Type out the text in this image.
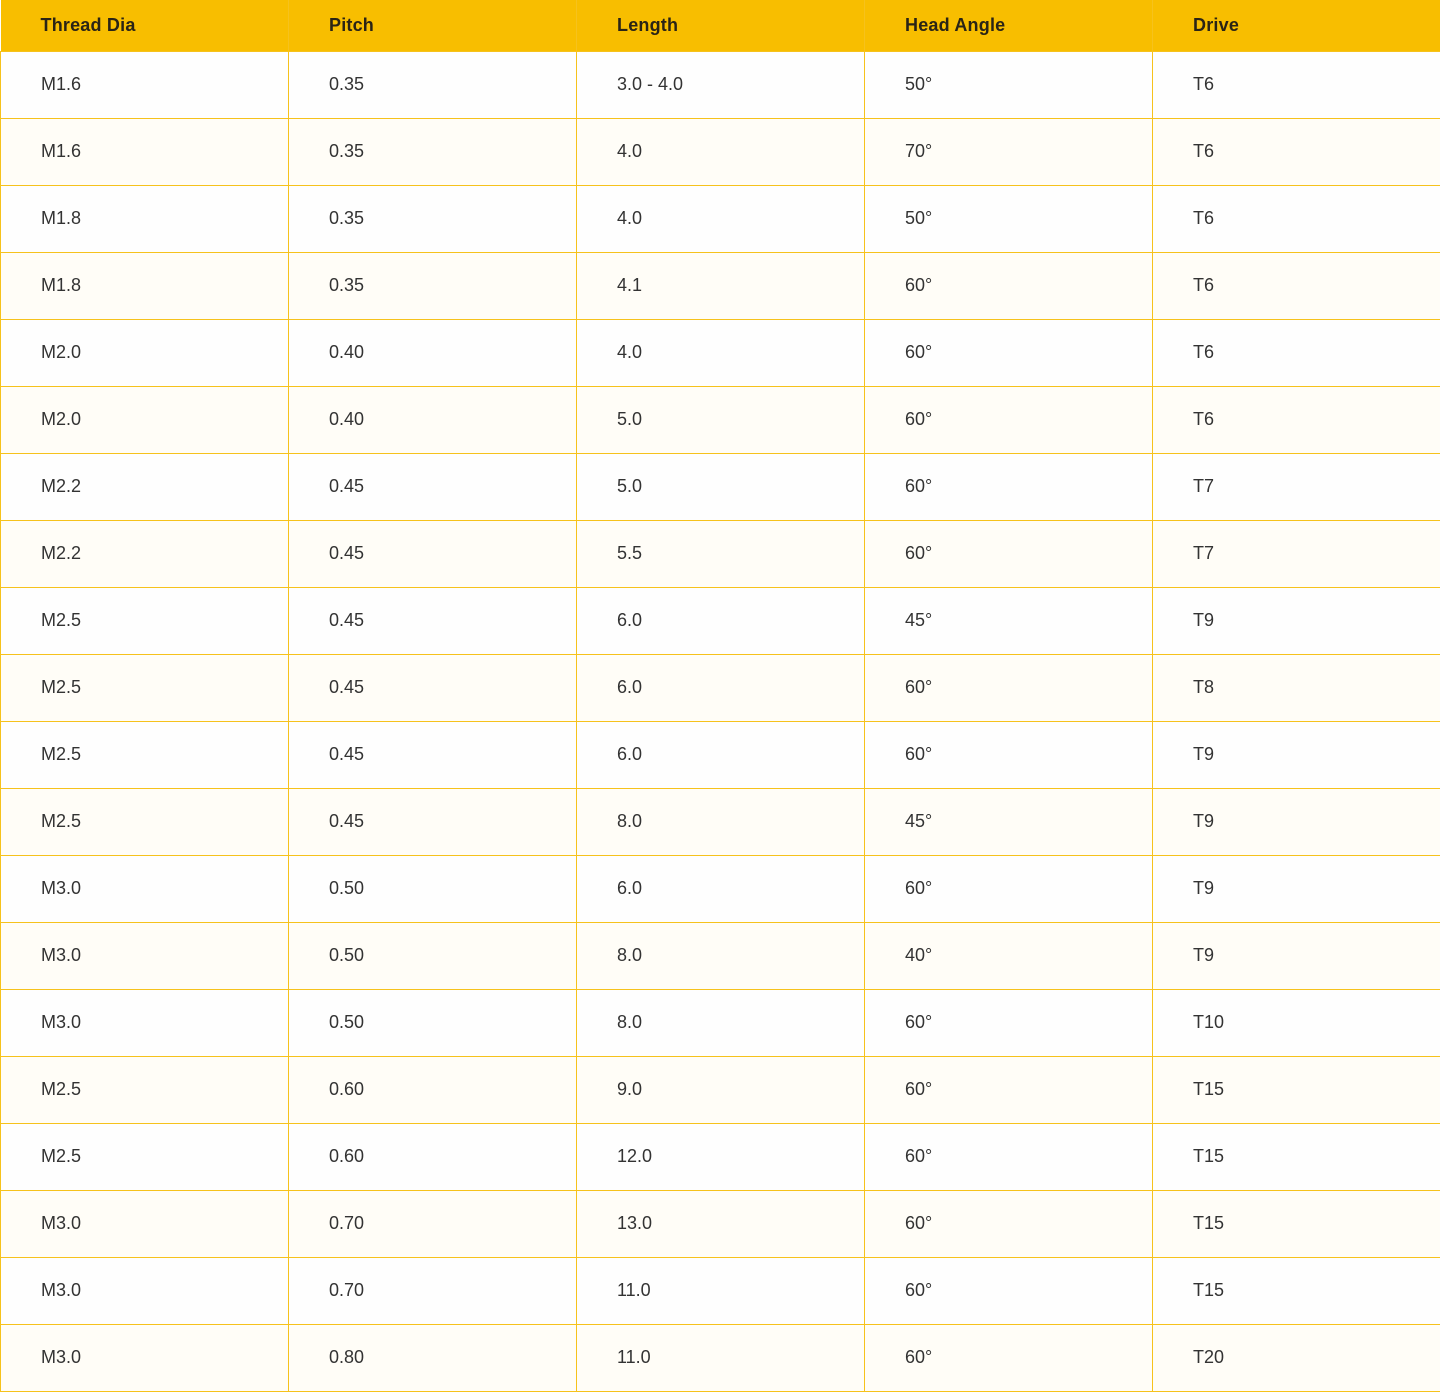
Thread Dia	Pitch	Length	Head Angle	Drive
M1.6	0.35	3.0 - 4.0	50°	T6
M1.6	0.35	4.0	70°	T6
M1.8	0.35	4.0	50°	T6
M1.8	0.35	4.1	60°	T6
M2.0	0.40	4.0	60°	T6
M2.0	0.40	5.0	60°	T6
M2.2	0.45	5.0	60°	T7
M2.2	0.45	5.5	60°	T7
M2.5	0.45	6.0	45°	T9
M2.5	0.45	6.0	60°	T8
M2.5	0.45	6.0	60°	T9
M2.5	0.45	8.0	45°	T9
M3.0	0.50	6.0	60°	T9
M3.0	0.50	8.0	40°	T9
M3.0	0.50	8.0	60°	T10
M2.5	0.60	9.0	60°	T15
M2.5	0.60	12.0	60°	T15
M3.0	0.70	13.0	60°	T15
M3.0	0.70	11.0	60°	T15
M3.0	0.80	11.0	60°	T20
